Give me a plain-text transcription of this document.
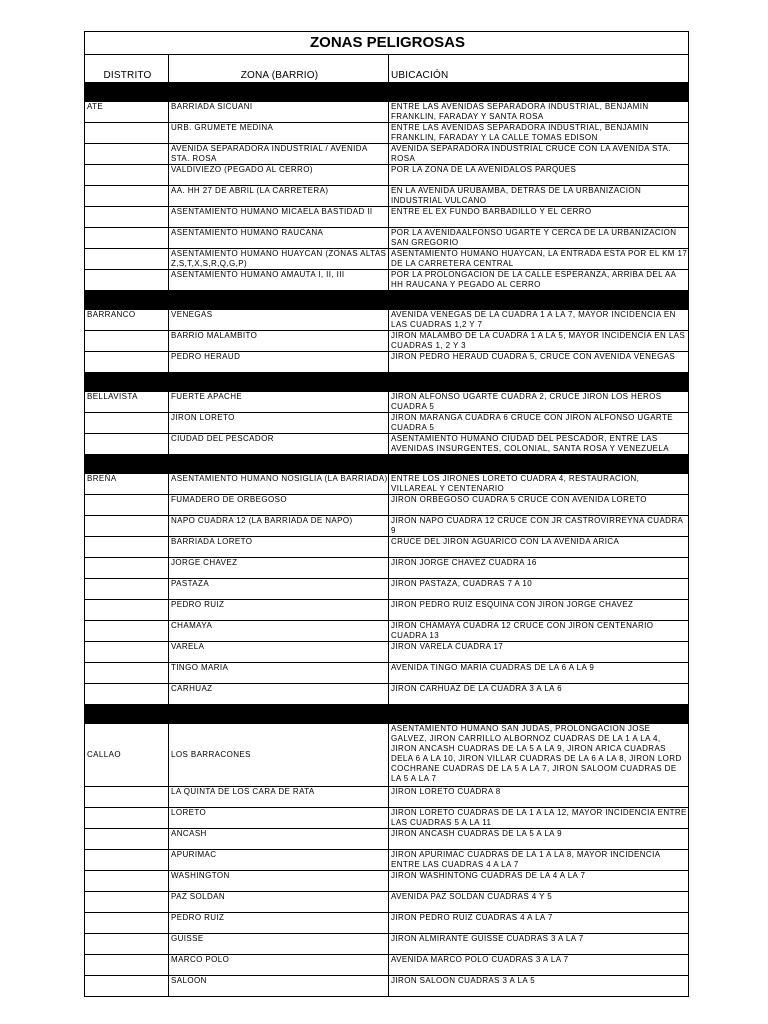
ZONAS PELIGROSAS		
DISTRITO	ZONA (BARRIO)	UBICACIÓN

ATE	BARRIADA SICUANI	ENTRE LAS AVENIDAS SEPARADORA INDUSTRIAL, BENJAMIN FRANKLIN, FARADAY Y SANTA ROSA
	URB. GRUMETE MEDINA	ENTRE LAS AVENIDAS SEPARADORA INDUSTRIAL, BENJAMIN FRANKLIN, FARADAY Y LA CALLE TOMAS EDISON
	AVENIDA SEPARADORA INDUSTRIAL / AVENIDA STA. ROSA	AVENIDA SEPARADORA INDUSTRIAL CRUCE CON LA AVENIDA STA. ROSA
	VALDIVIEZO (PEGADO AL CERRO)	POR LA ZONA DE LA AVENIDALOS PARQUES
	AA. HH 27 DE ABRIL (LA CARRETERA)	EN LA AVENIDA URUBAMBA, DETRÁS DE LA URBANIZACION INDUSTRIAL VULCANO
	ASENTAMIENTO HUMANO MICAELA BASTIDAD II	ENTRE EL EX FUNDO BARBADILLO Y EL CERRO
	ASENTAMIENTO HUMANO RAUCANA	POR LA AVENIDAALFONSO UGARTE Y CERCA DE LA URBANIZACION SAN GREGORIO
	ASENTAMIENTO HUMANO HUAYCAN (ZONAS ALTAS Z,S,T,X,S,R,Q,G,P)	ASENTAMIENTO HUMANO HUAYCAN, LA ENTRADA ESTA POR EL KM 17 DE LA CARRETERA CENTRAL
	ASENTAMIENTO HUMANO AMAUTA I, II, III	POR LA PROLONGACION DE LA CALLE ESPERANZA, ARRIBA DEL AA HH RAUCANA Y PEGADO AL CERRO

BARRANCO	VENEGAS	AVENIDA VENEGAS DE LA CUADRA 1 A LA 7, MAYOR INCIDENCIA EN LAS CUADRAS 1,2 Y 7
	BARRIO MALAMBITO	JIRON MALAMBO DE LA CUADRA 1 A LA 5, MAYOR INCIDENCIA EN LAS CUADRAS 1, 2 Y 3
	PEDRO HERAUD	JIRON PEDRO HERAUD CUADRA 5, CRUCE CON AVENIDA VENEGAS

BELLAVISTA	FUERTE APACHE	JIRON ALFONSO UGARTE CUADRA 2, CRUCE JIRON LOS HEROS CUADRA 5
	JIRON LORETO	JIRON MARANGA CUADRA 6 CRUCE CON JIRON ALFONSO UGARTE CUADRA 5
	CIUDAD DEL PESCADOR	ASENTAMIENTO HUMANO CIUDAD DEL PESCADOR, ENTRE LAS AVENIDAS INSURGENTES, COLONIAL, SANTA ROSA Y VENEZUELA

BREÑA	ASENTAMIENTO HUMANO NOSIGLIA (LA BARRIADA)	ENTRE LOS JIRONES LORETO CUADRA 4, RESTAURACION, VILLAREAL Y CENTENARIO
	FUMADERO DE ORBEGOSO	JIRON ORBEGOSO CUADRA 5 CRUCE CON AVENIDA LORETO
	NAPO CUADRA 12 (LA BARRIADA DE NAPO)	JIRON NAPO CUADRA 12 CRUCE CON JR CASTROVIRREYNA CUADRA 9
	BARRIADA LORETO	CRUCE DEL JIRON AGUARICO CON LA AVENIDA ARICA
	JORGE CHAVEZ	JIRON JORGE CHAVEZ CUADRA 16
	PASTAZA	JIRON PASTAZA, CUADRAS 7 A 10
	PEDRO RUIZ	JIRON PEDRO RUIZ ESQUINA CON JIRON JORGE CHAVEZ
	CHAMAYA	JIRON CHAMAYA CUADRA 12 CRUCE CON JIRON CENTENARIO CUADRA 13
	VARELA	JIRON VARELA CUADRA 17
	TINGO MARIA	AVENIDA TINGO MARIA CUADRAS DE LA 6 A LA 9
	CARHUAZ	JIRON CARHUAZ DE LA CUADRA 3 A LA 6

CALLAO	LOS BARRACONES	ASENTAMIENTO HUMANO SAN JUDAS, PROLONGACION JOSE GALVEZ, JIRON CARRILLO ALBORNOZ CUADRAS DE LA 1 A LA 4, JIRON ANCASH CUADRAS DE LA 5 A LA 9, JIRON ARICA CUADRAS DELA 6 A LA 10, JIRON VILLAR CUADRAS DE LA 6 A LA 8, JIRON LORD COCHRANE CUADRAS DE LA 5 A LA 7, JIRON SALOOM CUADRAS DE LA 5 A LA 7
	LA QUINTA DE LOS CARA DE RATA	JIRON LORETO CUADRA 8
	LORETO	JIRON LORETO CUADRAS DE LA 1 A LA 12, MAYOR INCIDENCIA ENTRE LAS CUADRAS 5 A LA 11
	ANCASH	JIRON ANCASH CUADRAS DE LA 5 A LA 9
	APURIMAC	JIRON APURIMAC CUADRAS DE LA 1 A LA 8, MAYOR INCIDENCIA ENTRE LAS CUADRAS 4 A LA 7
	WASHINGTON	JIRON WASHINTONG CUADRAS DE LA 4 A LA 7
	PAZ SOLDAN	AVENIDA PAZ SOLDAN CUADRAS 4 Y 5
	PEDRO RUIZ	JIRON PEDRO RUIZ CUADRAS 4 A LA 7
	GUISSE	JIRON ALMIRANTE GUISSE CUADRAS 3 A LA 7
	MARCO POLO	AVENIDA MARCO POLO CUADRAS 3 A LA 7
	SALOON	JIRON SALOON CUADRAS 3 A LA 5
